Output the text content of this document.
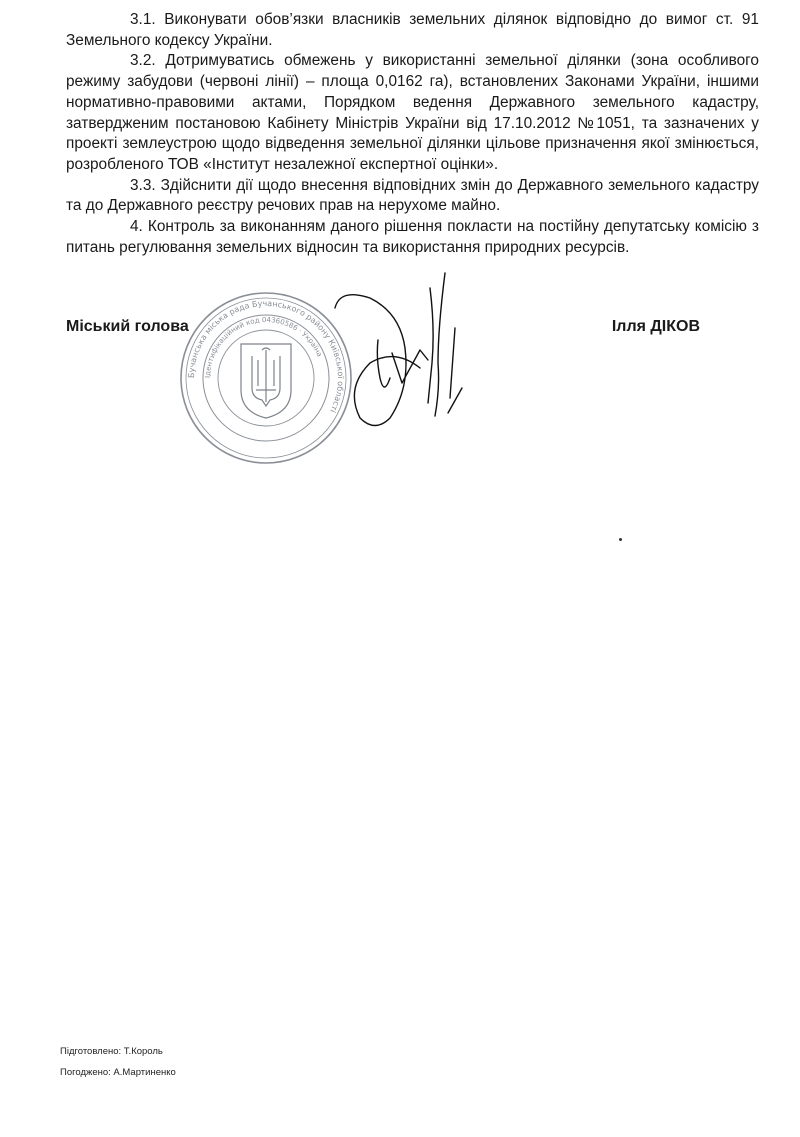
3.1. Виконувати обов’язки власників земельних ділянок відповідно до вимог ст. 91 Земельного кодексу України.

3.2. Дотримуватись обмежень у використанні земельної ділянки (зона особливого режиму забудови (червоні лінії) – площа 0,0162 га), встановлених Законами України, іншими нормативно-правовими актами, Порядком ведення Державного земельного кадастру, затвердженим постановою Кабінету Міністрів України від 17.10.2012 №1051, та зазначених у проекті землеустрою щодо відведення земельної ділянки цільове призначення якої змінюється, розробленого ТОВ «Інститут незалежної експертної оцінки».

3.3. Здійснити дії щодо внесення відповідних змін до Державного земельного кадастру та до Державного реєстру речових прав на нерухоме майно.

4. Контроль за виконанням даного рішення покласти на постійну депутатську комісію з питань регулювання земельних відносин та використання природних ресурсів.

Бучанська міська рада Бучанського району Київської області
Ідентифікаційний код 04360586 · Україна
Міський голова	Ілля ДІКОВ
Підготовлено: Т.Король
Погоджено: А.Мартиненко
